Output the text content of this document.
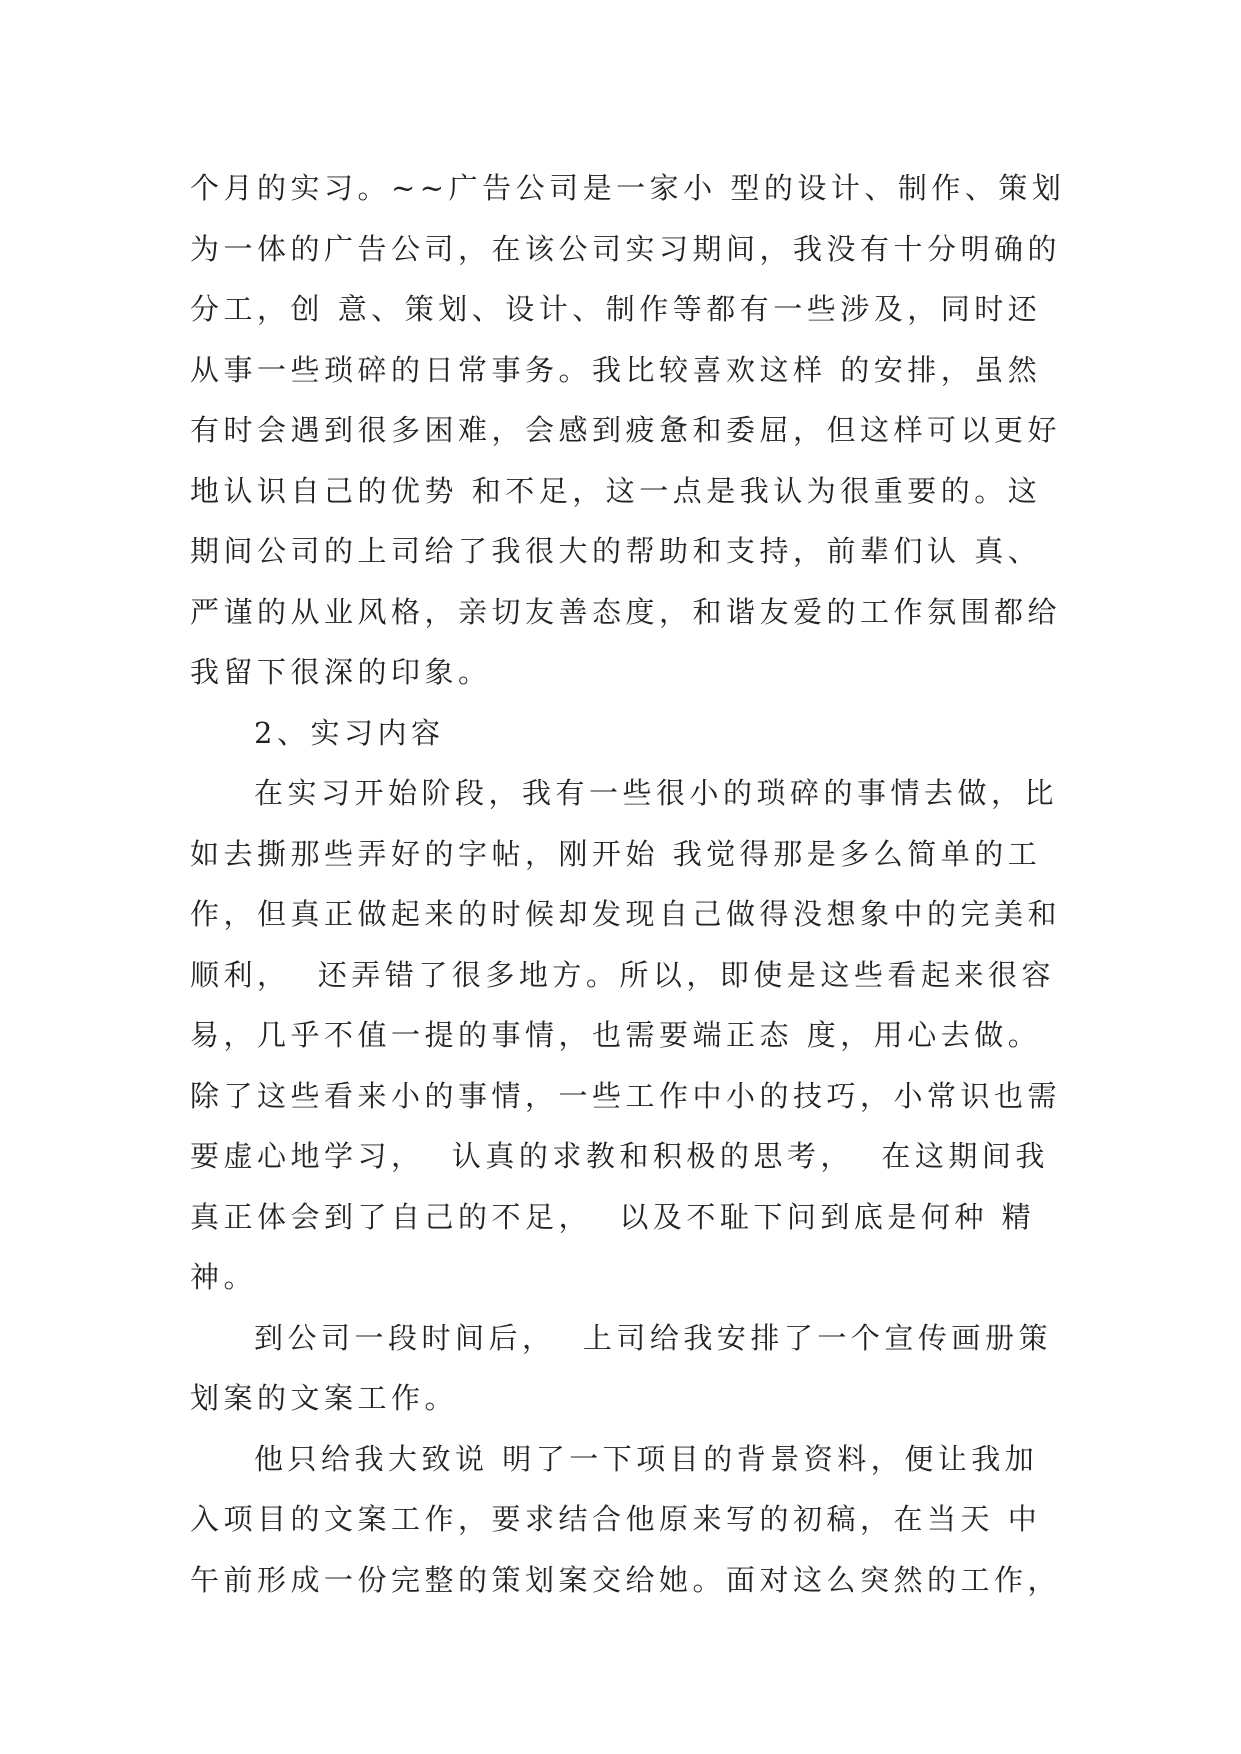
个月的实习。~~广告公司是一家小 型的设计、制作、策划
为一体的广告公司，在该公司实习期间，我没有十分明确的
分工，创 意、策划、设计、制作等都有一些涉及，同时还
从事一些琐碎的日常事务。我比较喜欢这样 的安排，虽然
有时会遇到很多困难，会感到疲惫和委屈，但这样可以更好
地认识自己的优势 和不足，这一点是我认为很重要的。这
期间公司的上司给了我很大的帮助和支持，前辈们认 真、
严谨的从业风格，亲切友善态度，和谐友爱的工作氛围都给
我留下很深的印象。
2、实习内容
在实习开始阶段，我有一些很小的琐碎的事情去做，比
如去撕那些弄好的字帖，刚开始 我觉得那是多么简单的工
作，但真正做起来的时候却发现自己做得没想象中的完美和
顺利，  还弄错了很多地方。所以，即使是这些看起来很容
易，几乎不值一提的事情，也需要端正态 度，用心去做。
除了这些看来小的事情，一些工作中小的技巧，小常识也需
要虚心地学习，  认真的求教和积极的思考，  在这期间我
真正体会到了自己的不足，  以及不耻下问到底是何种 精
神。
到公司一段时间后，  上司给我安排了一个宣传画册策
划案的文案工作。
他只给我大致说 明了一下项目的背景资料，便让我加
入项目的文案工作，要求结合他原来写的初稿，在当天 中
午前形成一份完整的策划案交给她。面对这么突然的工作，
